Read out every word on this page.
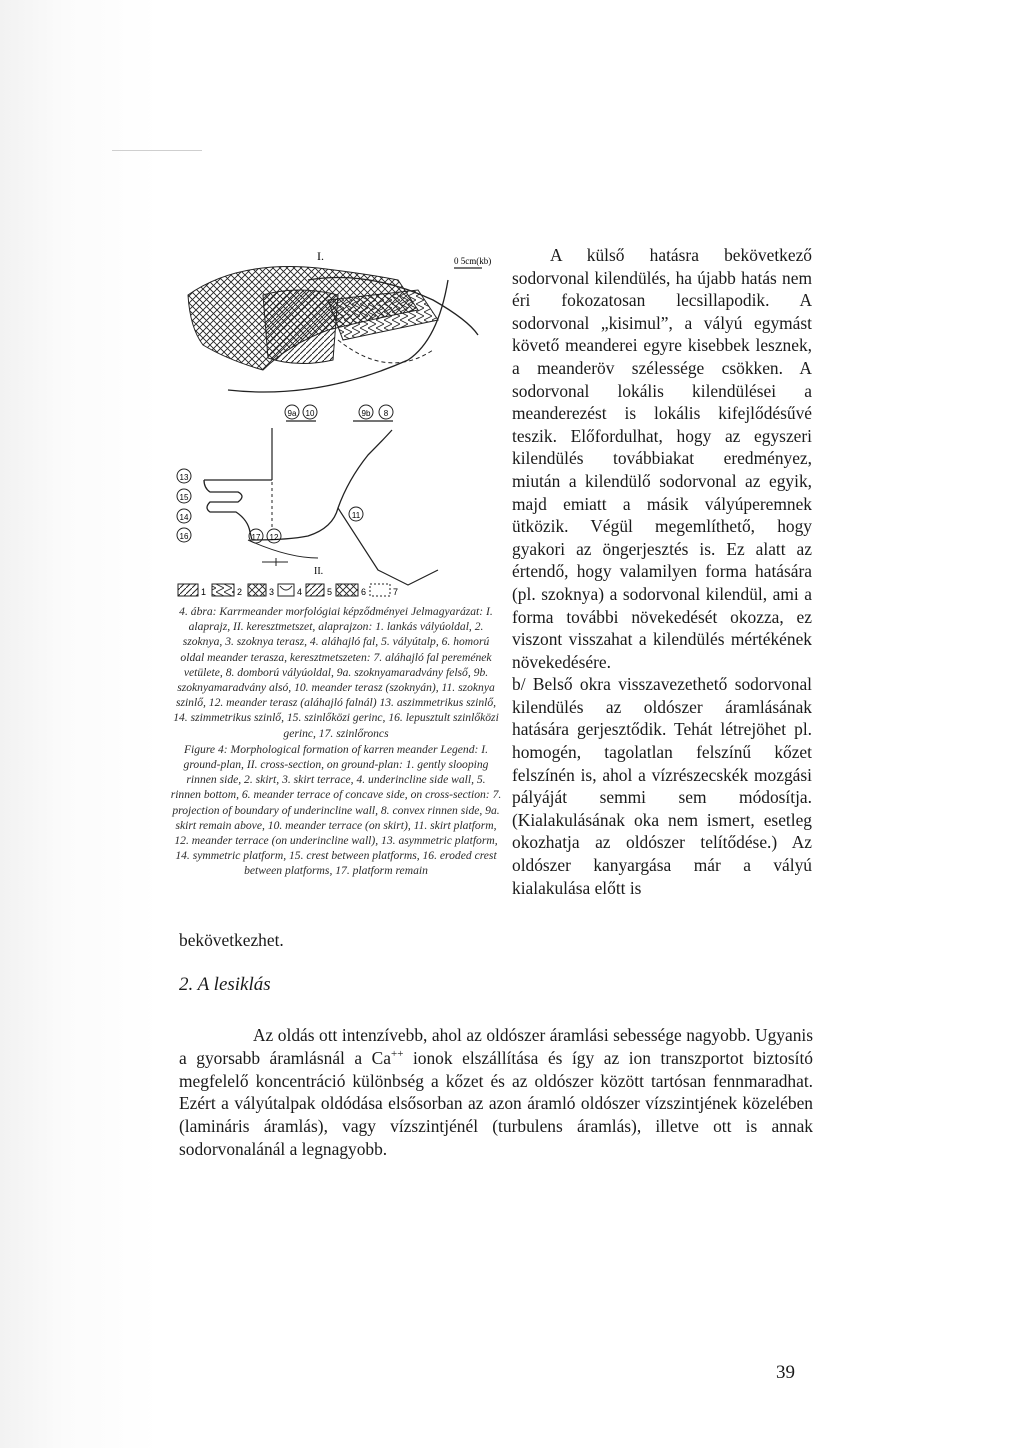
I.	0 5cm(kb)
9a 10	9b 8
13
15
14
16	17 12
11
II.
1	2	3	4	5	6	7

4. ábra: Karrmeander morfológiai képződményei Jelmagyarázat: I. alaprajz, II. keresztmetszet, alaprajzon: 1. lankás vályúoldal, 2. szoknya, 3. szoknya terasz, 4. aláhajló fal, 5. vályútalp, 6. homorú oldal meander terasza, keresztmetszeten: 7. aláhajló fal peremének vetülete, 8. domború vályúoldal, 9a. szoknyamaradvány felső, 9b. szoknyamaradvány alsó, 10. meander terasz (szoknyán), 11. szoknya szinlő, 12. meander terasz (aláhajló falnál) 13. aszimmetrikus szinlő, 14. szimmetrikus szinlő, 15. szinlőközi gerinc, 16. lepusztult szinlőközi gerinc, 17. szinlőroncs

Figure 4: Morphological formation of karren meander Legend: I. ground-plan, II. cross-section, on ground-plan: 1. gently slooping rinnen side, 2. skirt, 3. skirt terrace, 4. underincline side wall, 5. rinnen bottom, 6. meander terrace of concave side, on cross-section: 7. projection of boundary of underincline wall, 8. convex rinnen side, 9a. skirt remain above, 10. meander terrace (on skirt), 11. skirt platform, 12. meander terrace (on underincline wall), 13. asymmetric platform, 14. symmetric platform, 15. crest between platforms, 16. eroded crest between platforms, 17. platform remain

A külső hatásra bekövetkező sodorvonal kilendülés, ha újabb hatás nem éri fokozatosan lecsillapodik. A sodorvonal „kisimul”, a vályú egymást követő meanderei egyre kisebbek lesznek, a meanderöv szélessége csökken. A sodorvonal lokális kilendülései a meanderezést is lokális kifejlődésűvé teszik. Előfordulhat, hogy az egyszeri kilendülés továbbiakat eredményez, miután a kilendülő sodorvonal az egyik, majd emiatt a másik vályúperemnek ütközik. Végül megemlíthető, hogy gyakori az öngerjesztés is. Ez alatt az értendő, hogy valamilyen forma hatására (pl. szoknya) a sodorvonal kilendül, ami a forma további növekedését okozza, ez viszont visszahat a kilendülés mértékének növekedésére.

b/ Belső okra visszavezethető sodorvonal kilendülés az oldószer áramlásának hatására gerjesztődik. Tehát létrejöhet pl. homogén, tagolatlan felszínű kőzet felszínén is, ahol a vízrészecskék mozgási pályáját semmi sem módosítja. (Kialakulásának oka nem ismert, esetleg okozhatja az oldószer telítődése.) Az oldószer kanyargása már a vályú kialakulása előtt is

bekövetkezhet.
2. A lesiklás

Az oldás ott intenzívebb, ahol az oldószer áramlási sebessége nagyobb. Ugyanis a gyorsabb áramlásnál a Ca++ ionok elszállítása és így az ion transzportot biztosító megfelelő koncentráció különbség a kőzet és az oldószer között tartósan fennmaradhat. Ezért a vályútalpak oldódása elsősorban az azon áramló oldószer vízszintjének közelében (lamináris áramlás), vagy vízszintjénél (turbulens áramlás), illetve ott is annak sodorvonalánál a legnagyobb.

39
